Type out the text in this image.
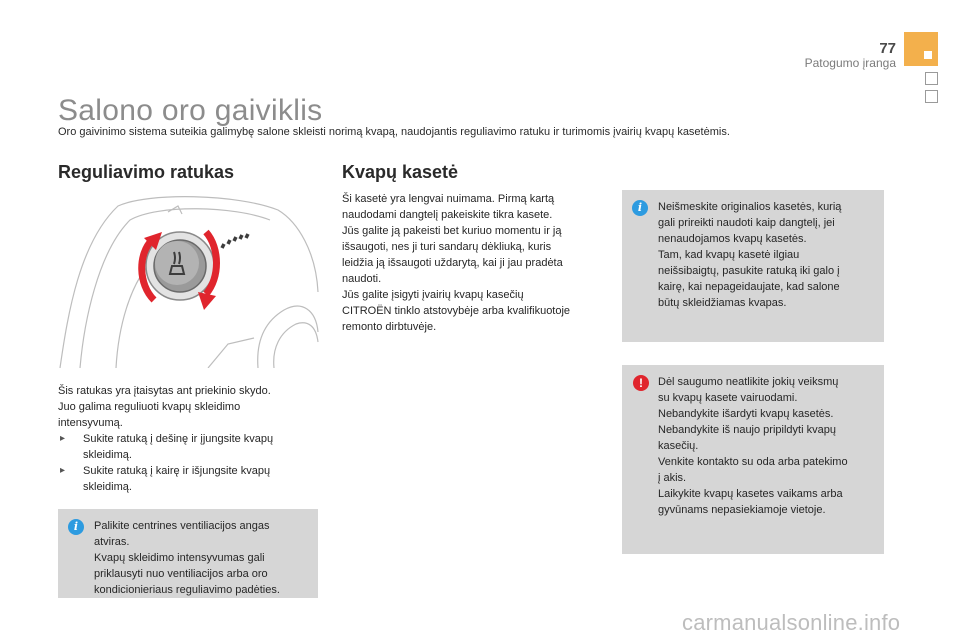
77
Patogumo įranga
Salono oro gaiviklis
Oro gaivinimo sistema suteikia galimybę salone skleisti norimą kvapą, naudojantis reguliavimo ratuku ir turimomis įvairių kvapų kasetėmis.
Reguliavimo ratukas
Šis ratukas yra įtaisytas ant priekinio skydo.
Juo galima reguliuoti kvapų skleidimo
intensyvumą.
▸ Sukite ratuką į dešinę ir įjungsite kvapų
skleidimą.
▸ Sukite ratuką į kairę ir išjungsite kvapų
skleidimą.
i	Palikite centrines ventiliacijos angas
atviras.
Kvapų skleidimo intensyvumas gali
priklausyti nuo ventiliacijos arba oro
kondicionieriaus reguliavimo padėties.
Kvapų kasetė
Ši kasetė yra lengvai nuimama. Pirmą kartą
naudodami dangtelį pakeiskite tikra kasete.
Jūs galite ją pakeisti bet kuriuo momentu ir ją
išsaugoti, nes ji turi sandarų dėkliuką, kuris
leidžia ją išsaugoti uždarytą, kai ji jau pradėta
naudoti.
Jūs galite įsigyti įvairių kvapų kasečių
CITROËN tinklo atstovybėje arba kvalifikuotoje
remonto dirbtuvėje.
i	Neišmeskite originalios kasetės, kurią
gali prireikti naudoti kaip dangtelį, jei
nenaudojamos kvapų kasetės.
Tam, kad kvapų kasetė ilgiau
neišsibaigtų, pasukite ratuką iki galo į
kairę, kai nepageidaujate, kad salone
būtų skleidžiamas kvapas.
!	Dėl saugumo neatlikite jokių veiksmų
su kvapų kasete vairuodami.
Nebandykite išardyti kvapų kasetės.
Nebandykite iš naujo pripildyti kvapų
kasečių.
Venkite kontakto su oda arba patekimo
į akis.
Laikykite kvapų kasetes vaikams arba
gyvūnams nepasiekiamoje vietoje.
carmanualsonline.info
